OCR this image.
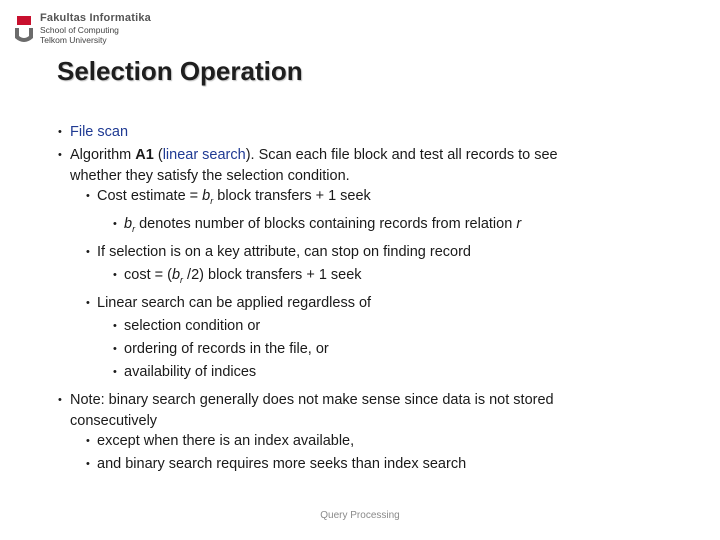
Fakultas Informatika
School of Computing
Telkom University
Selection Operation
• File scan
• Algorithm A1 (linear search). Scan each file block and test all records to see
whether they satisfy the selection condition.
• Cost estimate = $b_r$ block transfers + 1 seek
• $b_r$ denotes number of blocks containing records from relation r
• If selection is on a key attribute, can stop on finding record
• $\cos t = (b_r$ /2) block transfers + 1 seek
• Linear search can be applied regardless of
• selection condition or
• ordering of records in the file, or
• availability of indices
• Note: binary search generally does not make sense since data is not stored
consecutively
• except when there is an index available,
• and binary search requires more seeks than index search
Query Processing
